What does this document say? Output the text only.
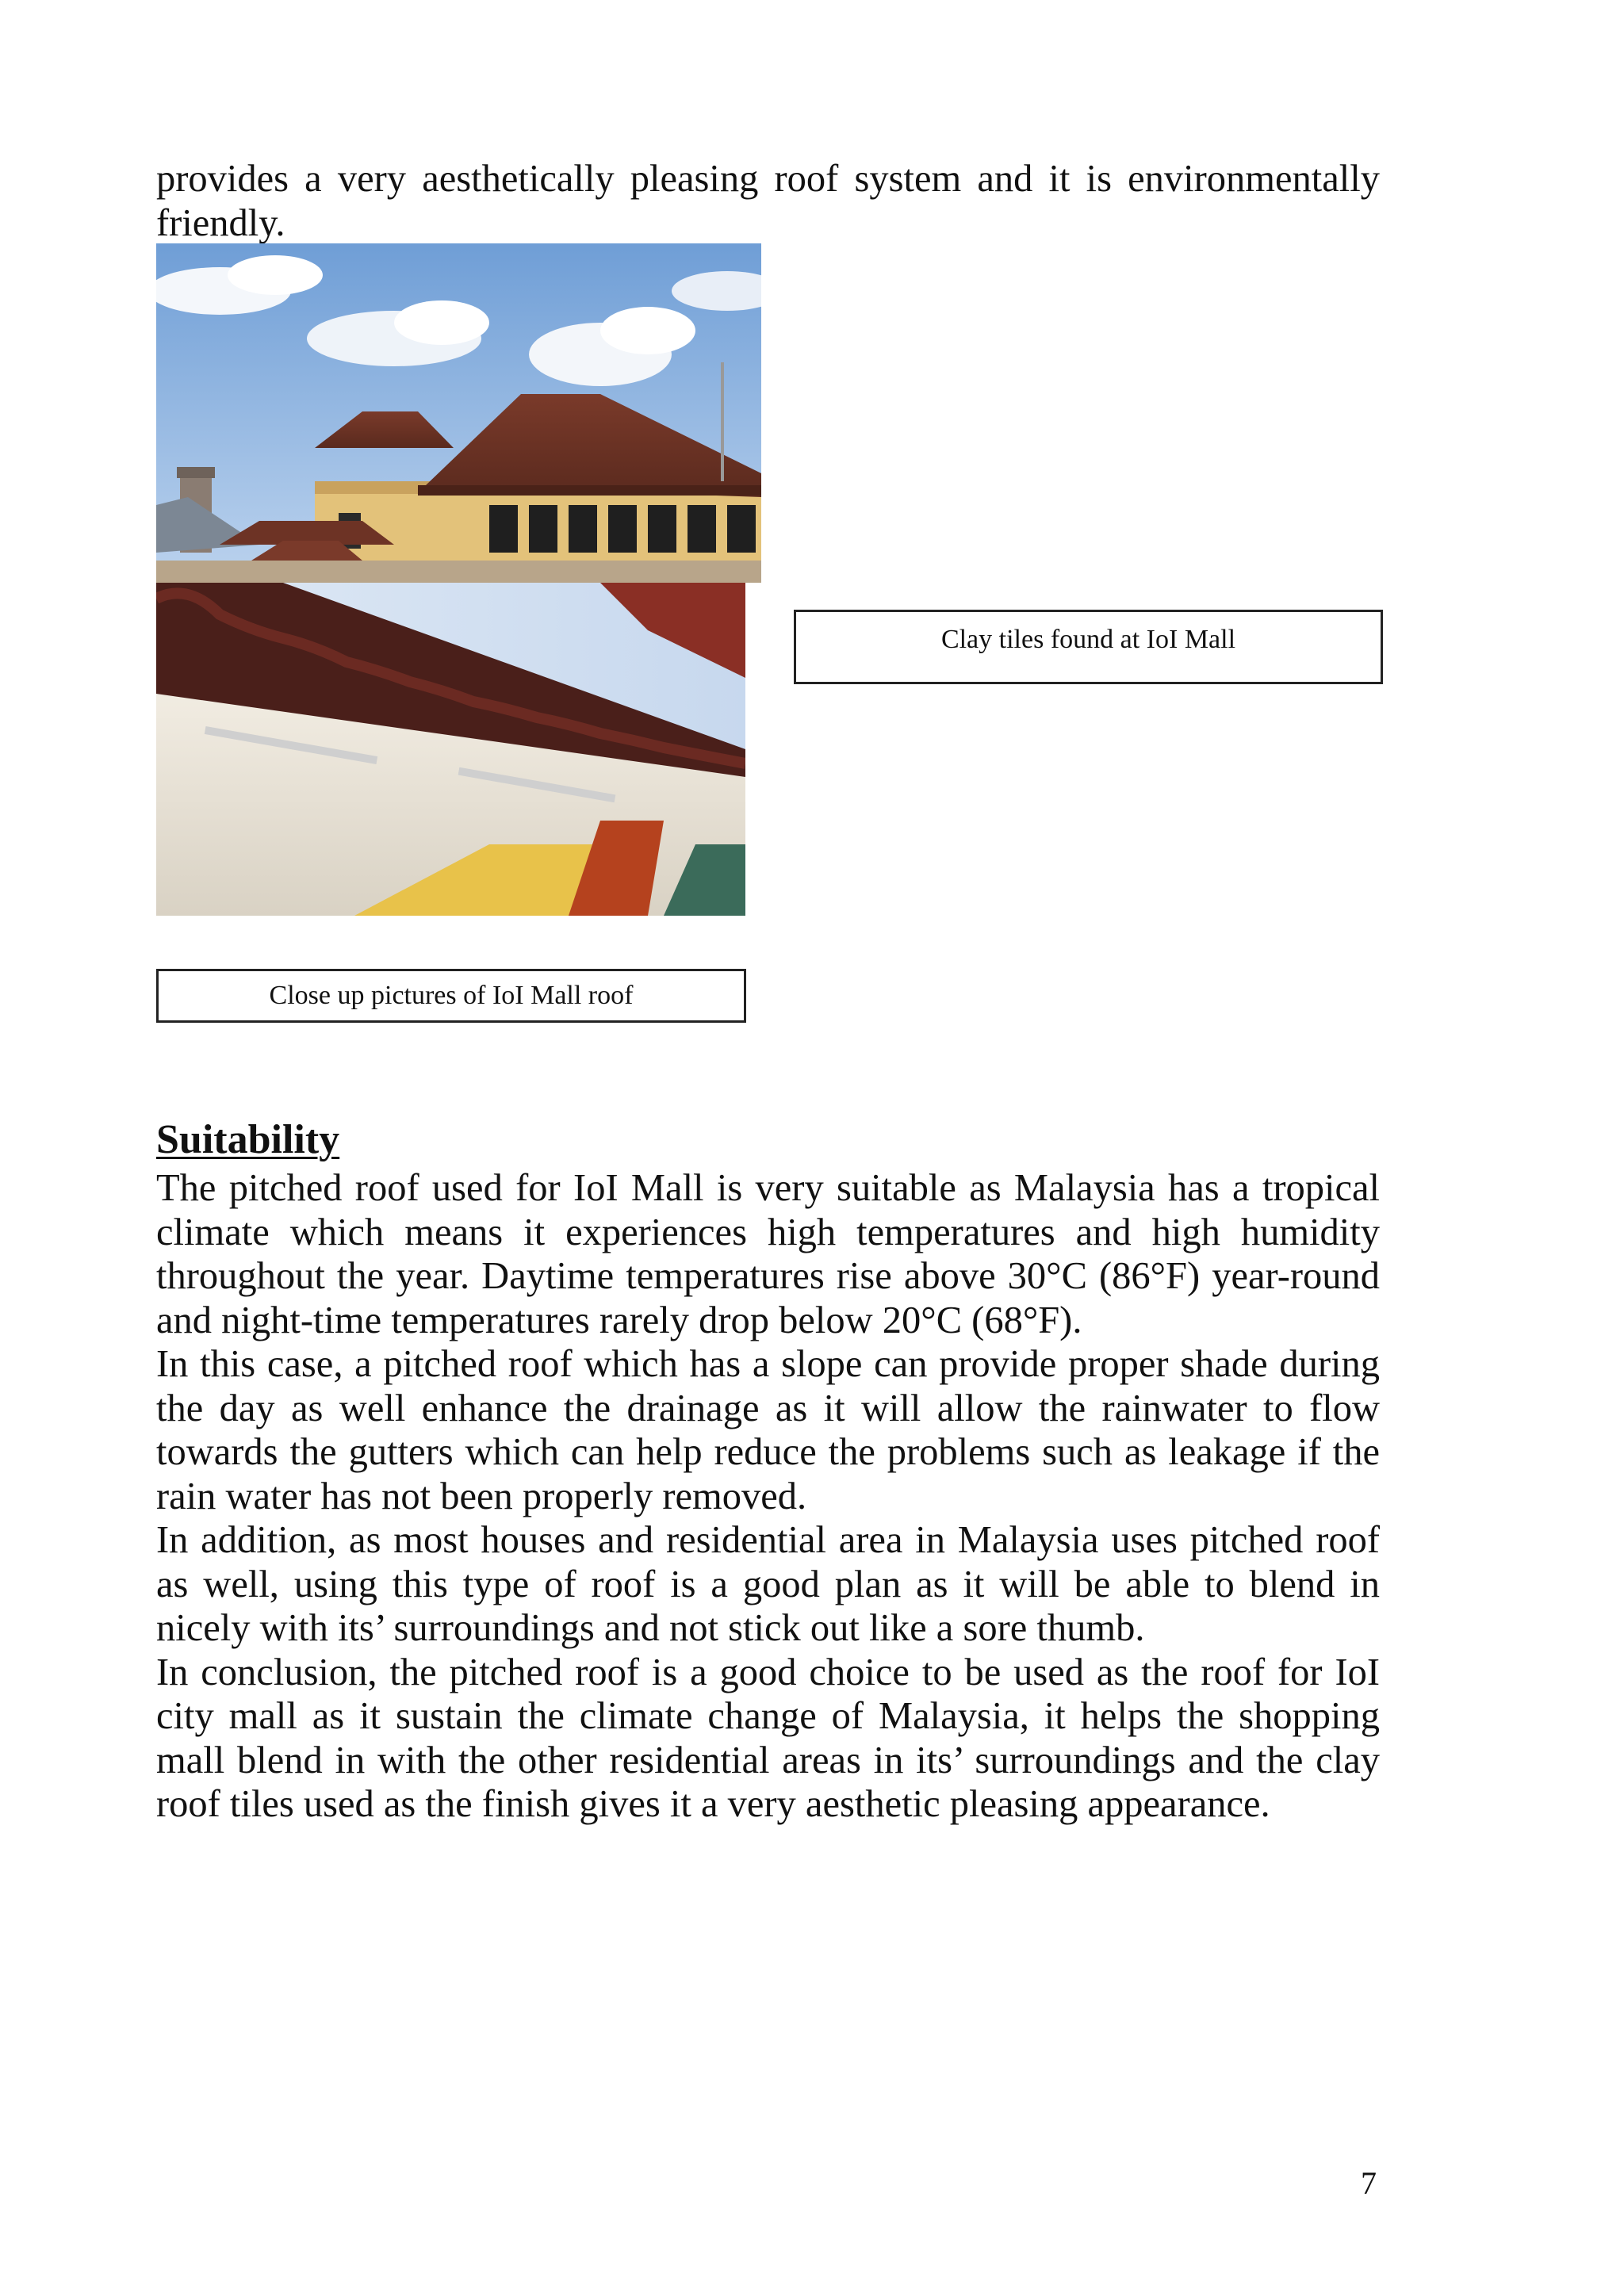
provides a very aesthetically pleasing roof system and it is environmentally friendly.

Clay tiles found at IoI Mall
Close up pictures of IoI Mall roof
Suitability

The pitched roof used for IoI Mall is very suitable as Malaysia has a tropical climate which means it experiences high temperatures and high humidity throughout the year. Daytime temperatures rise above 30°C (86°F) year-round and night-time temperatures rarely drop below 20°C (68°F).

In this case, a pitched roof which has a slope can provide proper shade during the day as well enhance the drainage as it will allow the rainwater to flow towards the gutters which can help reduce the problems such as leakage if the rain water has not been properly removed.

In addition, as most houses and residential area in Malaysia uses pitched roof as well, using this type of roof is a good plan as it will be able to blend in nicely with its’ surroundings and not stick out like a sore thumb.

In conclusion, the pitched roof is a good choice to be used as the roof for IoI city mall as it sustain the climate change of Malaysia, it helps the shopping mall blend in with the other residential areas in its’ surroundings and the clay roof tiles used as the finish gives it a very aesthetic pleasing appearance.

7
